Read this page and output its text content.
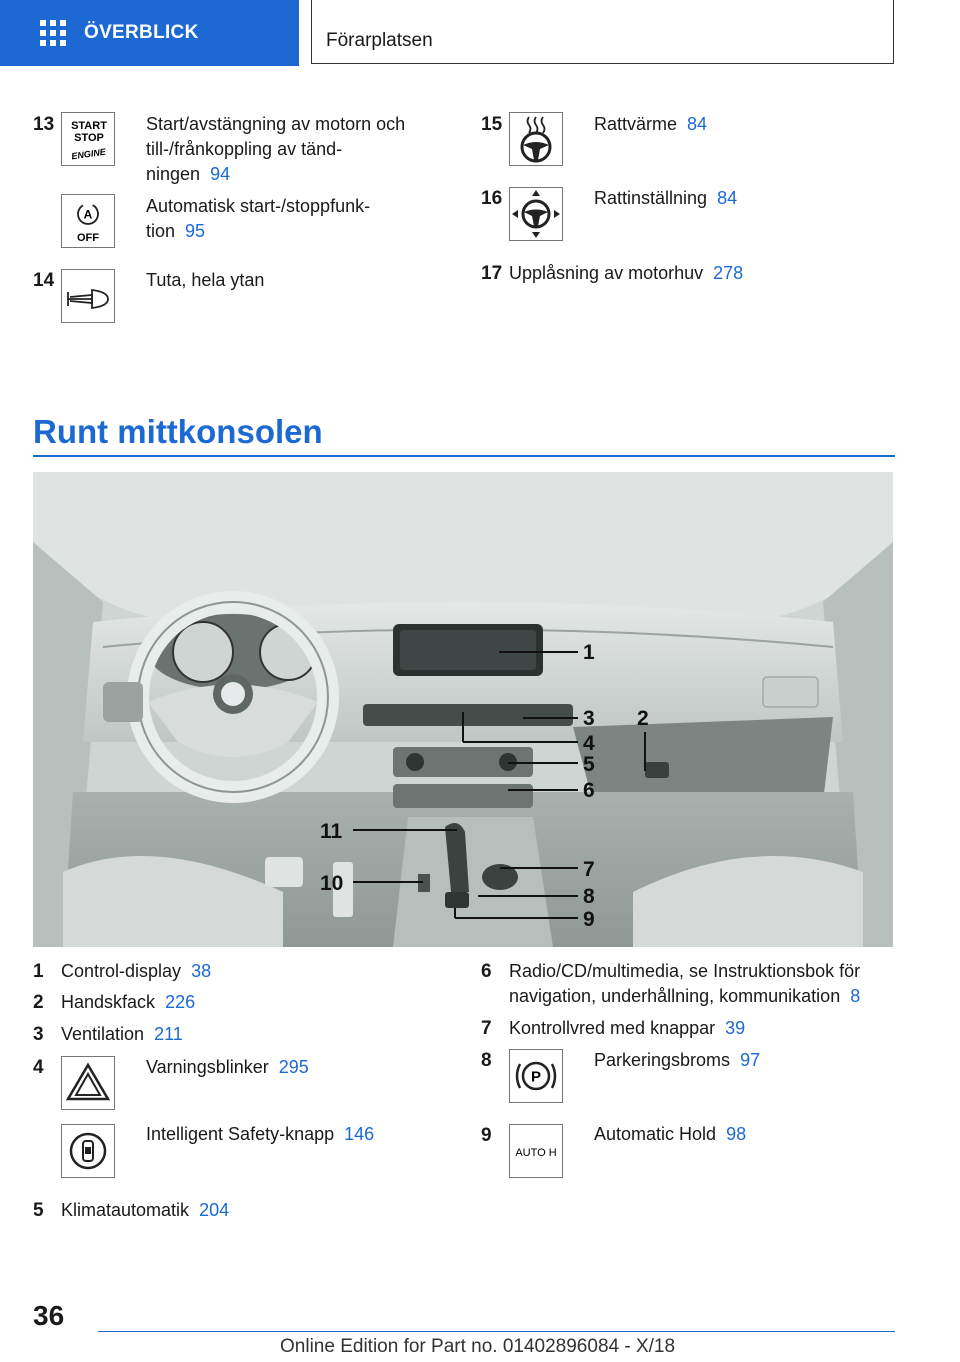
ÖVERBLICK	Förarplatsen
13 START
STOP
ENGINE
Start/avstängning av motorn och
till-/frånkoppling av tänd-
ningen 94
A
OFF
Automatisk start-/stoppfunk-
tion 95
14	Tuta, hela ytan
15	Rattvärme 84
16	Rattinställning 84
17 Upplåsning av motorhuv 278
Runt mittkonsolen
1
2
3
4
5
6
7
8
9
10
11
1 Control-display 38
2 Handskfack 226
3 Ventilation 211
4	Varningsblinker 295
Intelligent Safety-knapp 146
5 Klimatautomatik 204
6 Radio/CD/multimedia, se Instruktionsbok för
navigation, underhållning, kommunikation 8
7 Kontrollvred med knappar 39
8
P
Parkeringsbroms 97
9
AUTO H
Automatic Hold 98
36
Online Edition for Part no. 01402896084 - X/18
